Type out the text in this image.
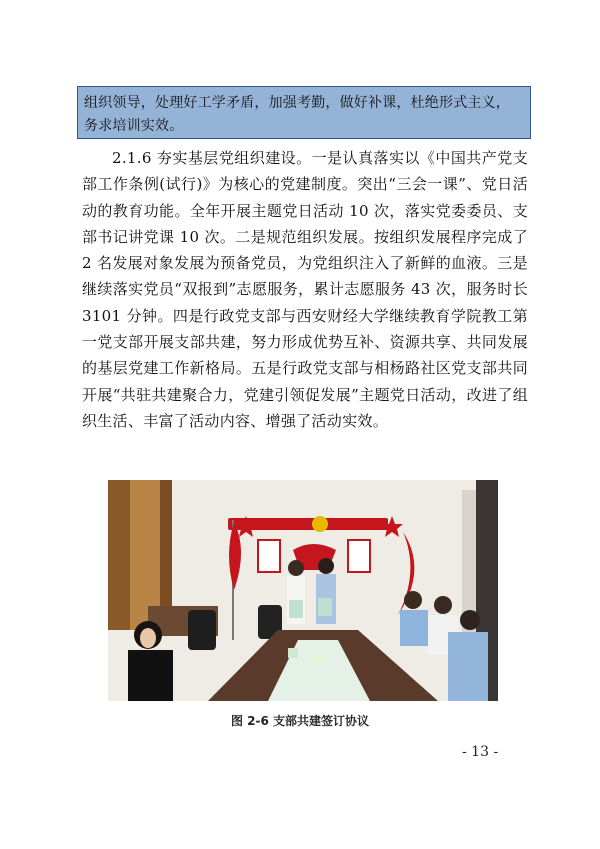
组织领导，处理好工学矛盾，加强考勤，做好补课，杜绝形式主义，务求培训实效。

2.1.6 夯实基层党组织建设。一是认真落实以《中国共产党支部工作条例(试行)》为核心的党建制度。突出“三会一课”、党日活动的教育功能。全年开展主题党日活动 10 次，落实党委委员、支部书记讲党课 10 次。二是规范组织发展。按组织发展程序完成了 2 名发展对象发展为预备党员，为党组织注入了新鲜的血液。三是继续落实党员“双报到”志愿服务，累计志愿服务 43 次，服务时长 3101 分钟。四是行政党支部与西安财经大学继续教育学院教工第一党支部开展支部共建，努力形成优势互补、资源共享、共同发展的基层党建工作新格局。五是行政党支部与相杨路社区党支部共同开展“共驻共建聚合力，党建引领促发展”主题党日活动，改进了组织生活、丰富了活动内容、增强了活动实效。

图 2-6 支部共建签订协议
- 13 -
